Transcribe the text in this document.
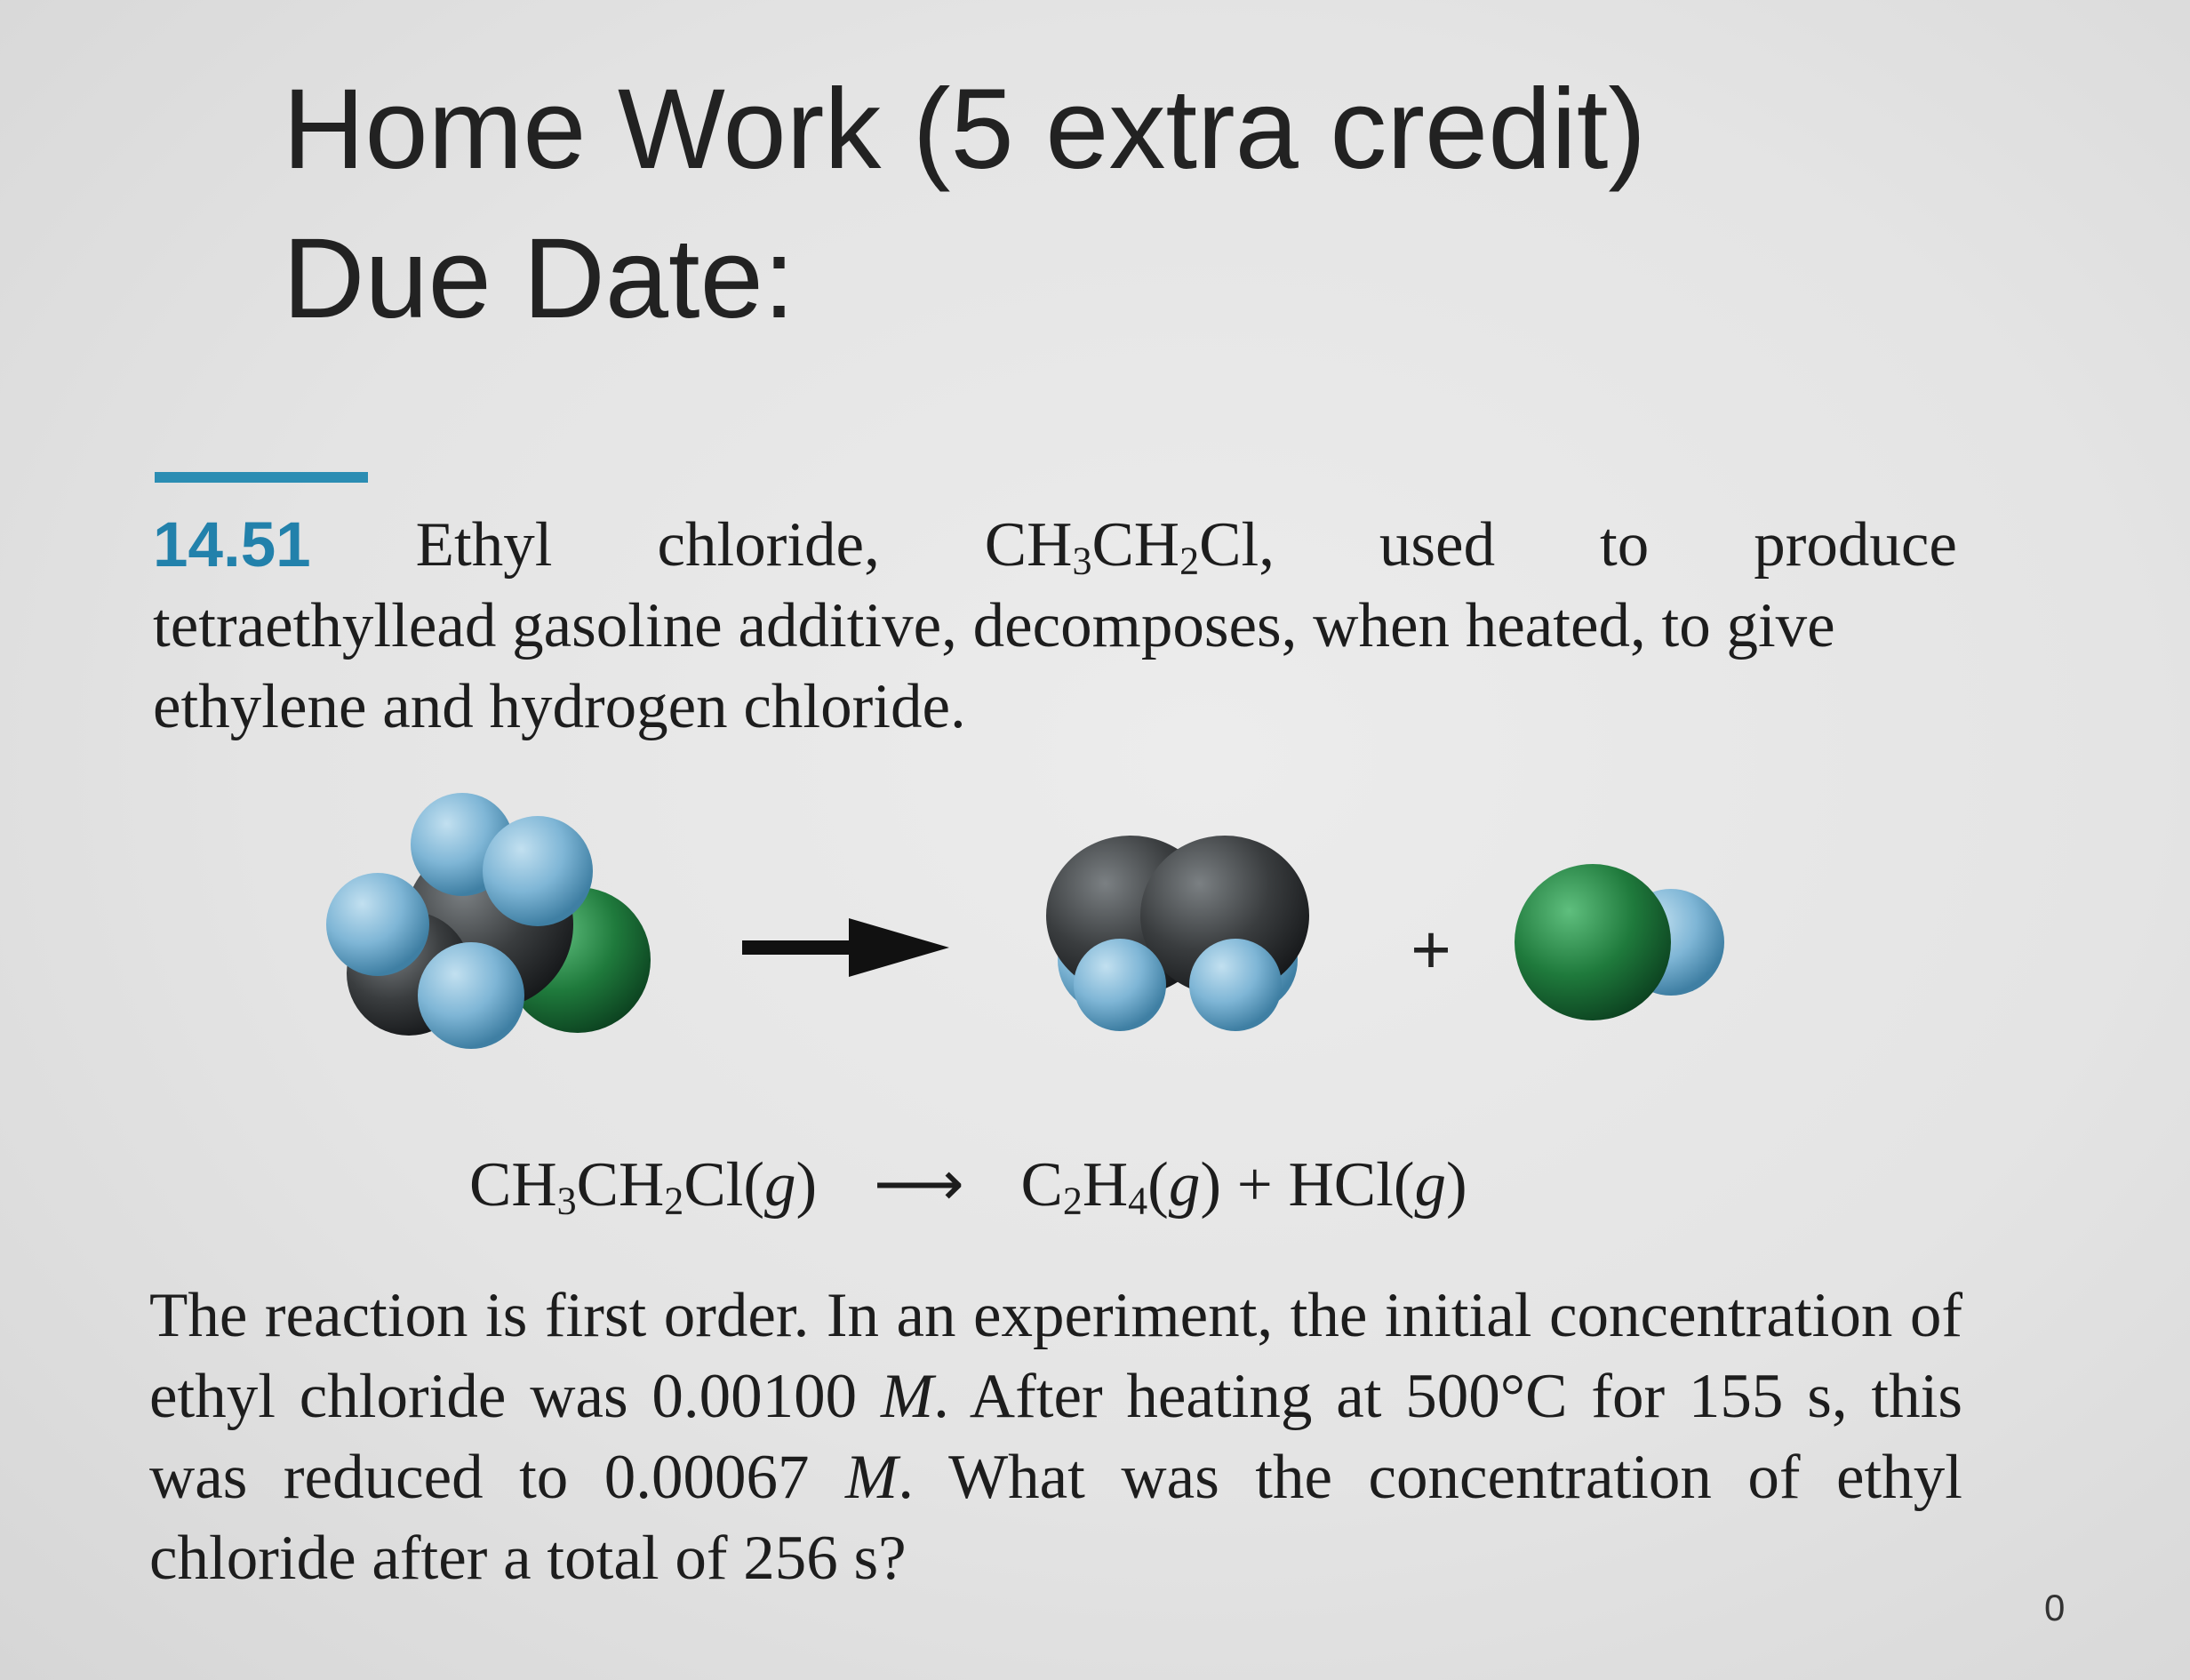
Home Work (5 extra credit)
Due Date:
14.51 Ethyl chloride, $CH_3CH_2Cl$, used to produce
tetraethyllead gasoline additive, decomposes, when heated, to give ethylene and hydrogen chloride.
+
$CH_3CH_2Cl(g)$ ⟶ $C_2H_4(g) + HCl(g)$
The reaction is first order. In an experiment, the initial concentration of ethyl chloride was 0.00100 M. After heating at 500°C for 155 s, this was reduced to 0.00067 M. What was the concentration of ethyl chloride after a total of 256 s?
0
